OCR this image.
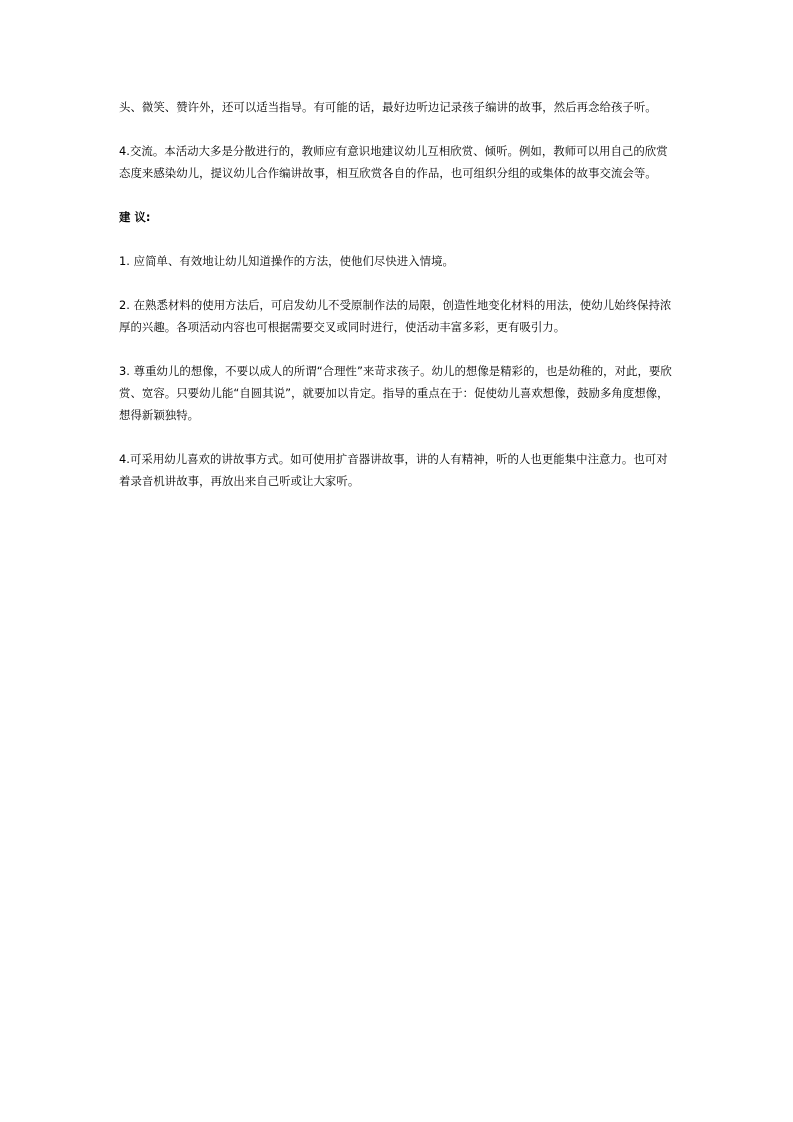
头、微笑、赞许外，还可以适当指导。有可能的话，最好边听边记录孩子编讲的故事，然后再念给孩子听。

4.交流。本活动大多是分散进行的，教师应有意识地建议幼儿互相欣赏、倾听。例如，教师可以用自己的欣赏态度来感染幼儿，提议幼儿合作编讲故事，相互欣赏各自的作品，也可组织分组的或集体的故事交流会等。

建 议:

1. 应简单、有效地让幼儿知道操作的方法，使他们尽快进入情境。

2. 在熟悉材料的使用方法后，可启发幼儿不受原制作法的局限，创造性地变化材料的用法，使幼儿始终保持浓厚的兴趣。各项活动内容也可根据需要交叉或同时进行，使活动丰富多彩，更有吸引力。

3. 尊重幼儿的想像，不要以成人的所谓“合理性”来苛求孩子。幼儿的想像是精彩的，也是幼稚的，对此，要欣赏、宽容。只要幼儿能“自圆其说”，就要加以肯定。指导的重点在于：促使幼儿喜欢想像，鼓励多角度想像，想得新颖独特。

4.可采用幼儿喜欢的讲故事方式。如可使用扩音器讲故事，讲的人有精神，听的人也更能集中注意力。也可对着录音机讲故事，再放出来自己听或让大家听。
